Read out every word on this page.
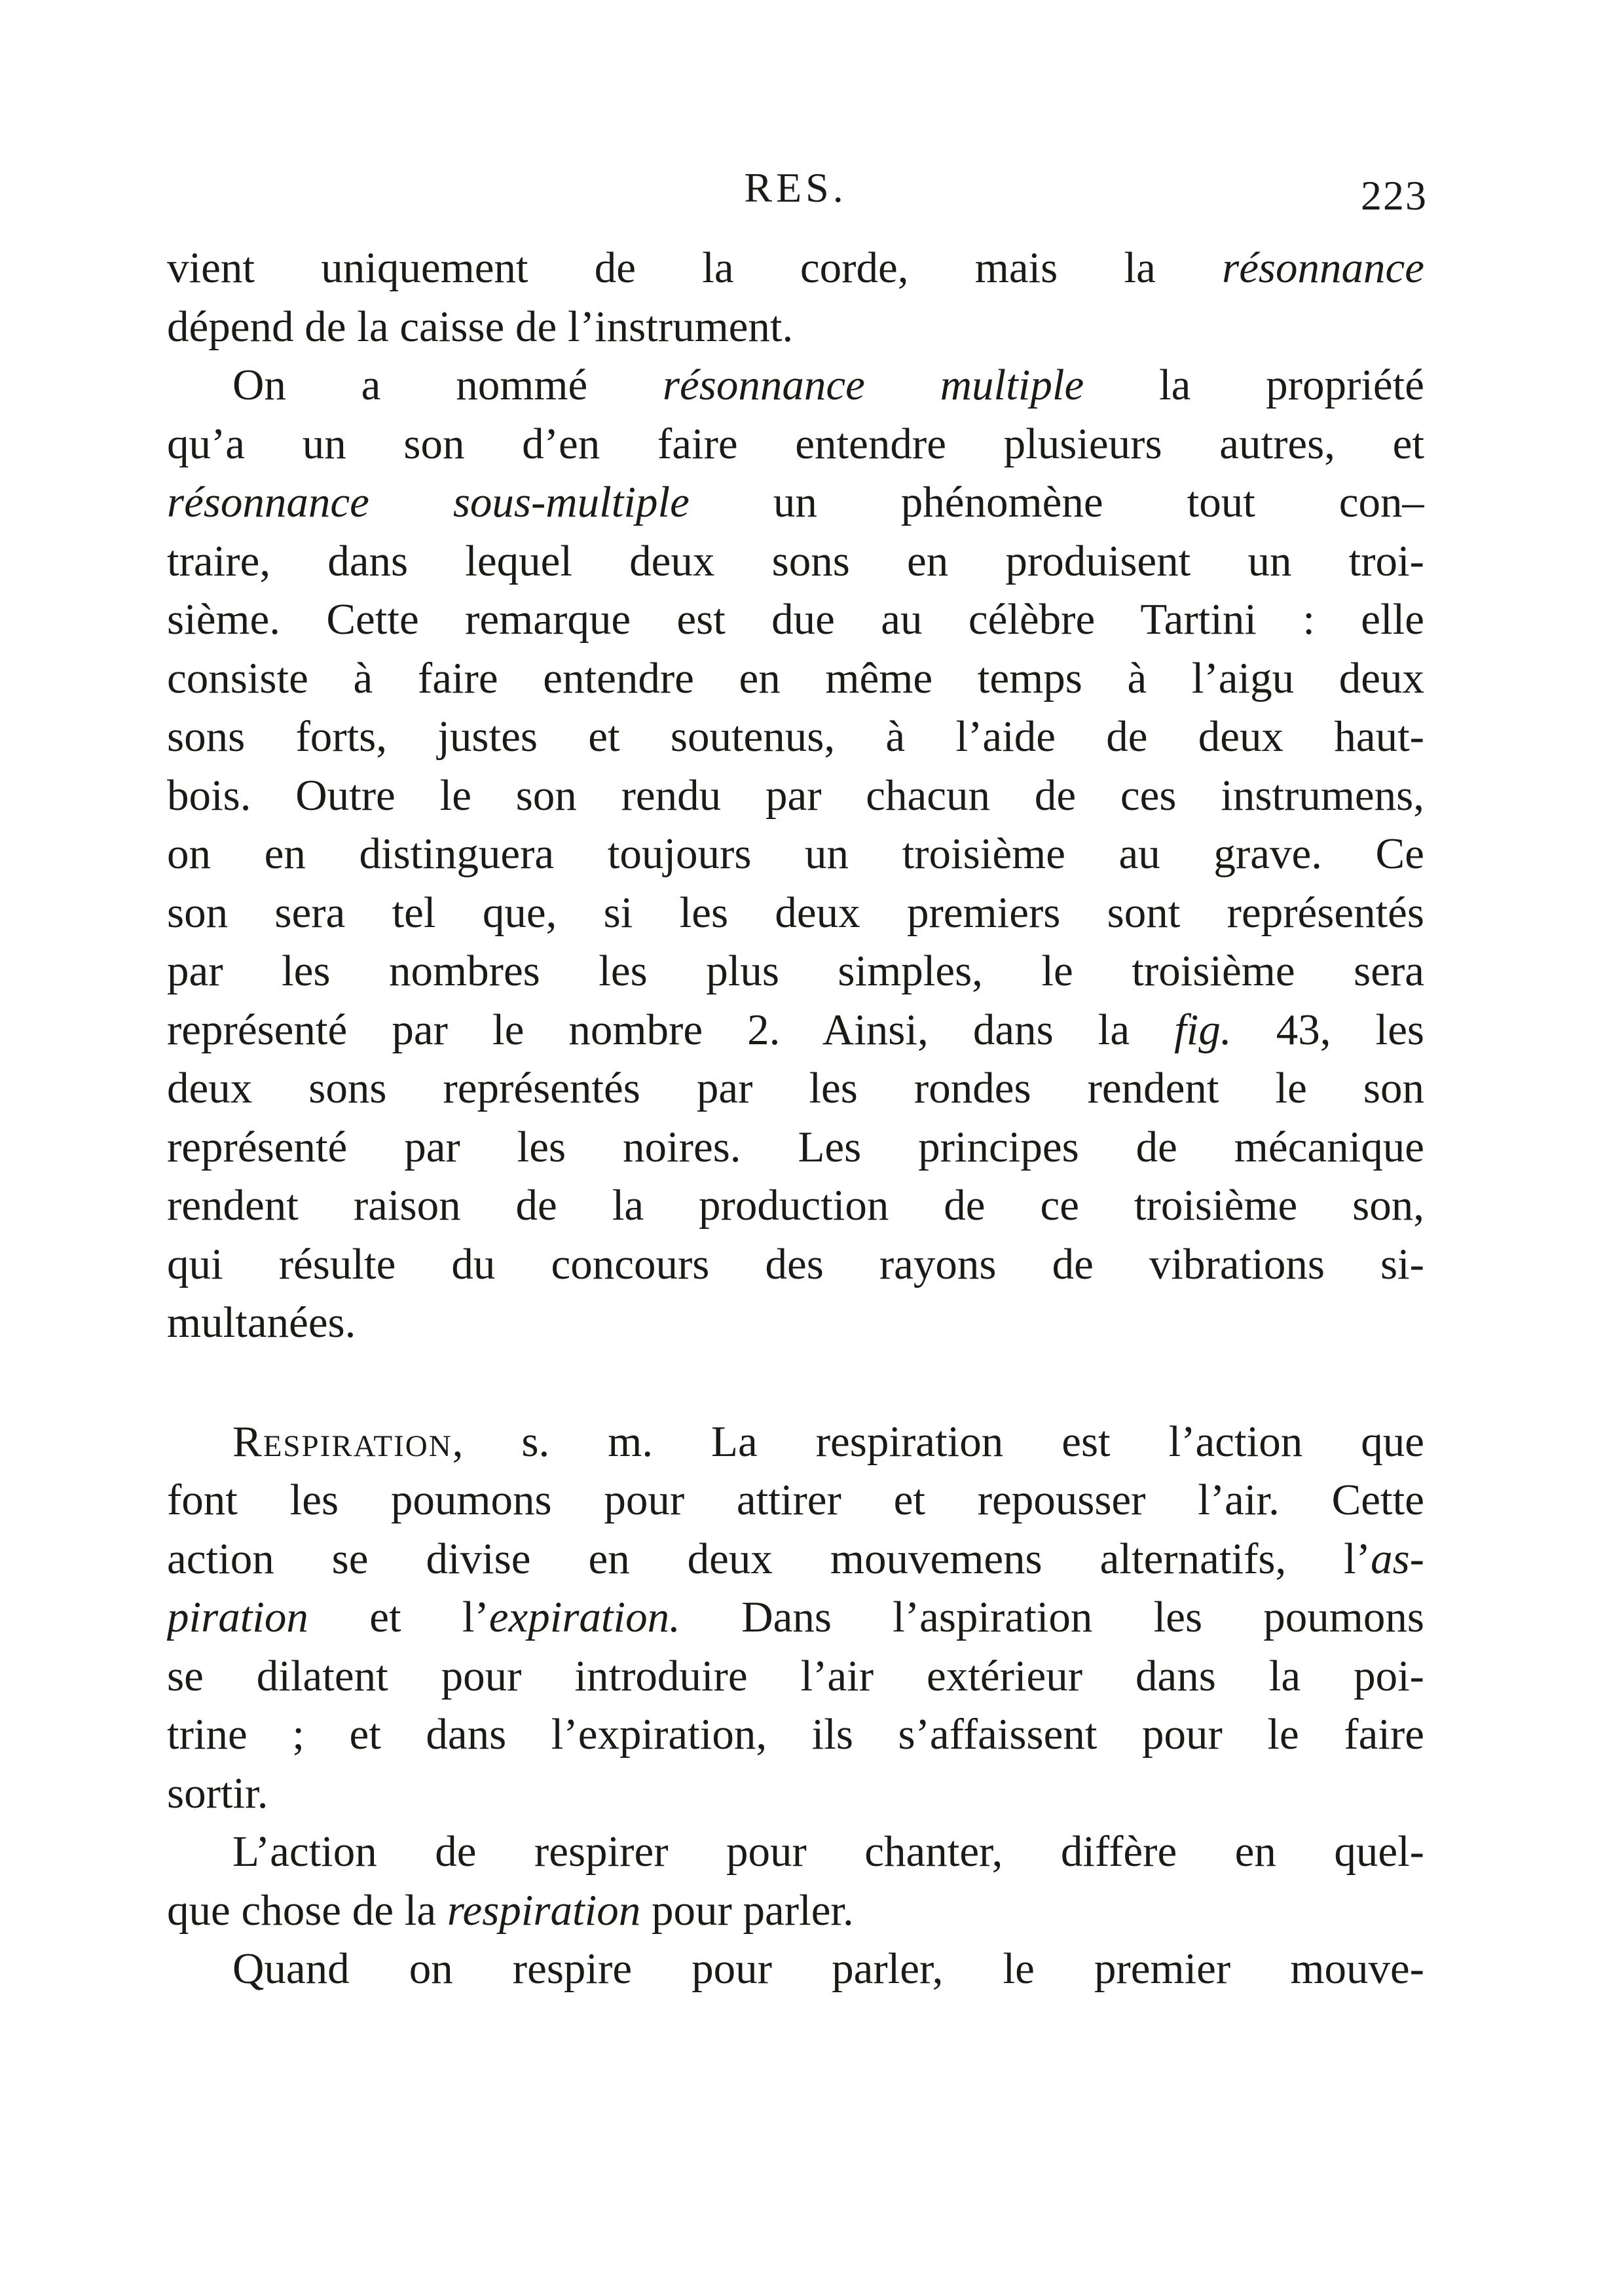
RES.	223
vient uniquement de la corde, mais la résonnance
dépend de la caisse de l’instrument.
On a nommé résonnance multiple la propriété
qu’a un son d’en faire entendre plusieurs autres, et
résonnance sous-multiple un phénomène tout con–
traire, dans lequel deux sons en produisent un troi-
sième. Cette remarque est due au célèbre Tartini : elle
consiste à faire entendre en même temps à l’aigu deux
sons forts, justes et soutenus, à l’aide de deux haut-
bois. Outre le son rendu par chacun de ces instrumens,
on en distinguera toujours un troisième au grave. Ce
son sera tel que, si les deux premiers sont représentés
par les nombres les plus simples, le troisième sera
représenté par le nombre 2. Ainsi, dans la fig. 43, les
deux sons représentés par les rondes rendent le son
représenté par les noires. Les principes de mécanique
rendent raison de la production de ce troisième son,
qui résulte du concours des rayons de vibrations si-
multanées.
Respiration, s. m. La respiration est l’action que
font les poumons pour attirer et repousser l’air. Cette
action se divise en deux mouvemens alternatifs, l’as-
piration et l’expiration. Dans l’aspiration les poumons
se dilatent pour introduire l’air extérieur dans la poi-
trine ; et dans l’expiration, ils s’affaissent pour le faire
sortir.
L’action de respirer pour chanter, diffère en quel-
que chose de la respiration pour parler.
Quand on respire pour parler, le premier mouve-
